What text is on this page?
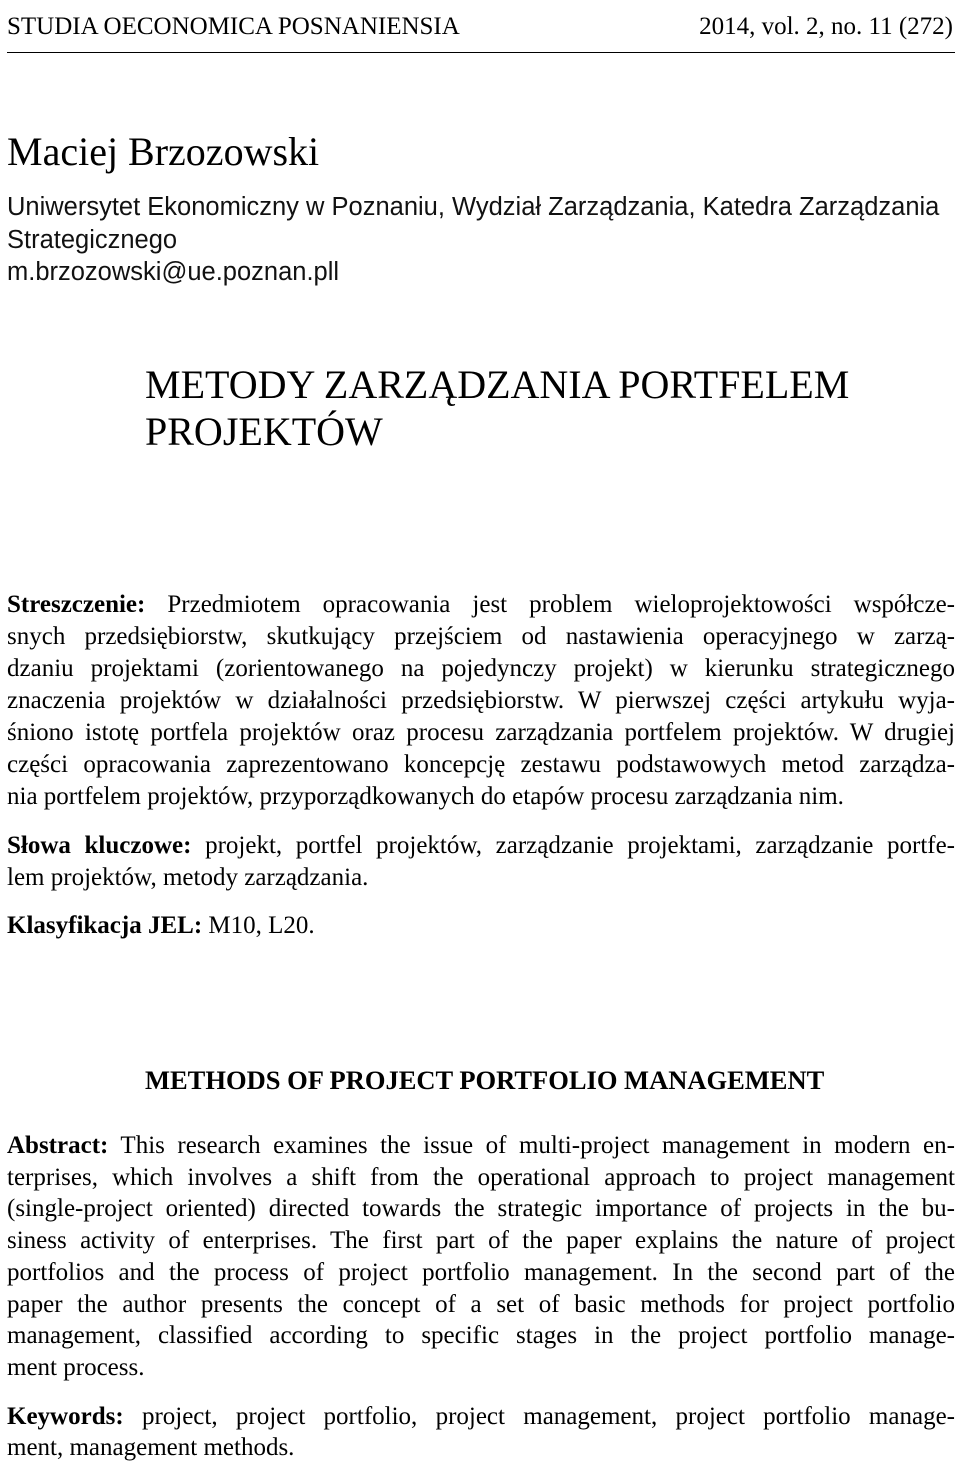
STUDIA OECONOMICA POSNANIENSIA	2014, vol. 2, no. 11 (272)
Maciej Brzozowski
Uniwersytet Ekonomiczny w Poznaniu, Wydział Zarządzania, Katedra Zarządzania Strategicznego
m.brzozowski@ue.poznan.pll
METODY ZARZĄDZANIA PORTFELEM PROJEKTÓW
Streszczenie: Przedmiotem opracowania jest problem wieloprojektowości współcze-
snych przedsiębiorstw, skutkujący przejściem od nastawienia operacyjnego w zarzą-
dzaniu projektami (zorientowanego na pojedynczy projekt) w kierunku strategicznego
znaczenia projektów w działalności przedsiębiorstw. W pierwszej części artykułu wyja-
śniono istotę portfela projektów oraz procesu zarządzania portfelem projektów. W drugiej
części opracowania zaprezentowano koncepcję zestawu podstawowych metod zarządza-
nia portfelem projektów, przyporządkowanych do etapów procesu zarządzania nim.
Słowa kluczowe: projekt, portfel projektów, zarządzanie projektami, zarządzanie portfe-
lem projektów, metody zarządzania.
Klasyfikacja JEL: M10, L20.
METHODS OF PROJECT PORTFOLIO MANAGEMENT
Abstract: This research examines the issue of multi-project management in modern en-
terprises, which involves a shift from the operational approach to project management
(single-project oriented) directed towards the strategic importance of projects in the bu-
siness activity of enterprises. The first part of the paper explains the nature of project
portfolios and the process of project portfolio management. In the second part of the
paper the author presents the concept of a set of basic methods for project portfolio
management, classified according to specific stages in the project portfolio manage-
ment process.
Keywords: project, project portfolio, project management, project portfolio manage-
ment, management methods.
